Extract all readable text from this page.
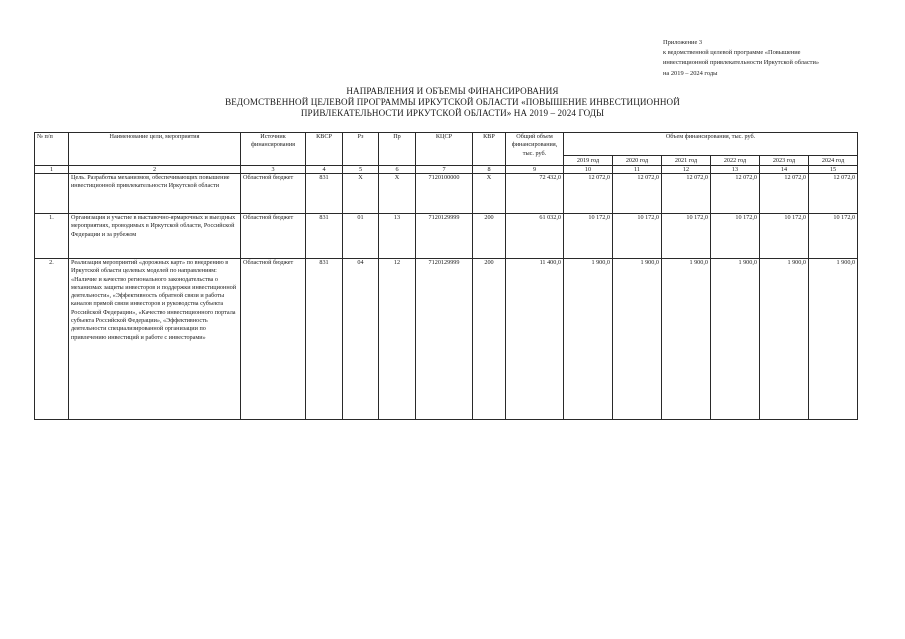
Приложение 3
к ведомственной целевой программе «Повышение
инвестиционной привлекательности Иркутской области»
на 2019 – 2024 годы
НАПРАВЛЕНИЯ И ОБЪЕМЫ ФИНАНСИРОВАНИЯ
ВЕДОМСТВЕННОЙ ЦЕЛЕВОЙ ПРОГРАММЫ ИРКУТСКОЙ ОБЛАСТИ «ПОВЫШЕНИЕ ИНВЕСТИЦИОННОЙ
ПРИВЛЕКАТЕЛЬНОСТИ ИРКУТСКОЙ ОБЛАСТИ» НА 2019 – 2024 ГОДЫ
№ п/п	Наименование цели, мероприятия	Источник финансирования	КВСР	Рз	Пр	КЦСР	КВР	Общий объем финансирования, тыс. руб.	Объем финансирования, тыс. руб.					
									2019 год	2020 год	2021 год	2022 год	2023 год	2024 год
1	2	3	4	5	6	7	8	9	10	11	12	13	14	15
	Цель. Разработка механизмов, обеспечивающих повышение инвестиционной привлекательности Иркутской области	Областной бюджет	831	X	X	7120100000	X	72 432,0	12 072,0	12 072,0	12 072,0	12 072,0	12 072,0	12 072,0
1.	Организация и участие в выставочно-ярмарочных и выездных мероприятиях, проводимых в Иркутской области, Российской Федерации и за рубежом	Областной бюджет	831	01	13	7120129999	200	61 032,0	10 172,0	10 172,0	10 172,0	10 172,0	10 172,0	10 172,0
2.	Реализация мероприятий «дорожных карт» по внедрению в Иркутской области целевых моделей по направлениям: «Наличие и качество регионального законодательства о механизмах защиты инвесторов и поддержки инвестиционной деятельности», «Эффективность обратной связи и работы каналов прямой связи инвесторов и руководства субъекта Российской Федерации», «Качество инвестиционного портала субъекта Российской Федерации», «Эффективность деятельности специализированной организации по привлечению инвестиций и работе с инвесторами»	Областной бюджет	831	04	12	7120129999	200	11 400,0	1 900,0	1 900,0	1 900,0	1 900,0	1 900,0	1 900,0
